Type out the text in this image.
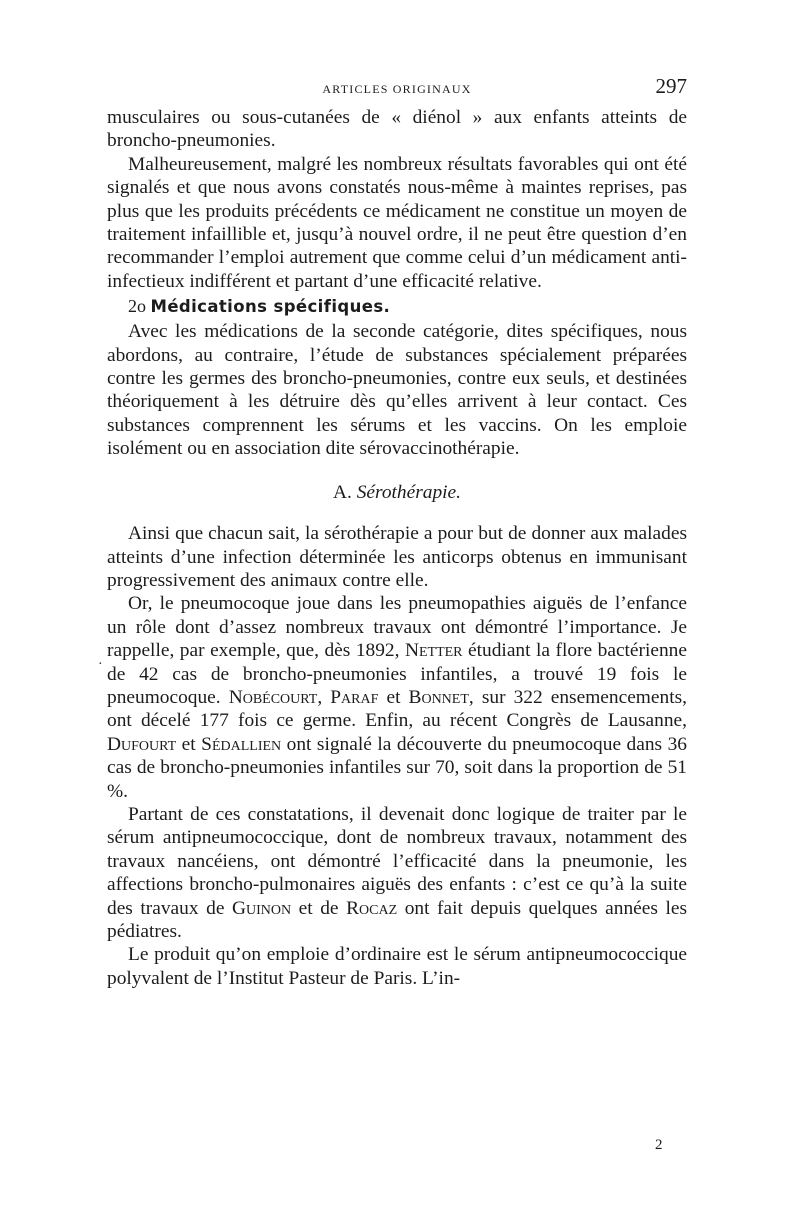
ARTICLES ORIGINAUX	297

musculaires ou sous-cutanées de « diénol » aux enfants atteints de broncho-pneumonies.

Malheureusement, malgré les nombreux résultats favorables qui ont été signalés et que nous avons constatés nous-même à maintes reprises, pas plus que les produits précédents ce médicament ne constitue un moyen de traitement infaillible et, jusqu’à nouvel ordre, il ne peut être question d’en recommander l’emploi autrement que comme celui d’un médicament anti-infectieux indifférent et partant d’une efficacité relative.

2o Médications spécifiques.

Avec les médications de la seconde catégorie, dites spécifiques, nous abordons, au contraire, l’étude de substances spécialement préparées contre les germes des broncho-pneumonies, contre eux seuls, et destinées théoriquement à les détruire dès qu’elles arrivent à leur contact. Ces substances comprennent les sérums et les vaccins. On les emploie isolément ou en association dite sérovaccinothérapie.

A. Sérothérapie.

Ainsi que chacun sait, la sérothérapie a pour but de donner aux malades atteints d’une infection déterminée les anticorps obtenus en immunisant progressivement des animaux contre elle.

Or, le pneumocoque joue dans les pneumopathies aiguës de l’enfance un rôle dont d’assez nombreux travaux ont démontré l’importance. Je rappelle, par exemple, que, dès 1892, Netter étudiant la flore bactérienne de 42 cas de broncho-pneumonies infantiles, a trouvé 19 fois le pneumocoque. Nobécourt, Paraf et Bonnet, sur 322 ensemencements, ont décelé 177 fois ce germe. Enfin, au récent Congrès de Lausanne, Dufourt et Sédallien ont signalé la découverte du pneumocoque dans 36 cas de broncho-pneumonies infantiles sur 70, soit dans la proportion de 51 %.

Partant de ces constatations, il devenait donc logique de traiter par le sérum antipneumococcique, dont de nombreux travaux, notamment des travaux nancéiens, ont démontré l’efficacité dans la pneumonie, les affections broncho-pulmonaires aiguës des enfants : c’est ce qu’à la suite des travaux de Guinon et de Rocaz ont fait depuis quelques années les pédiatres.

Le produit qu’on emploie d’ordinaire est le sérum antipneumococcique polyvalent de l’Institut Pasteur de Paris. L’in-

·
2
